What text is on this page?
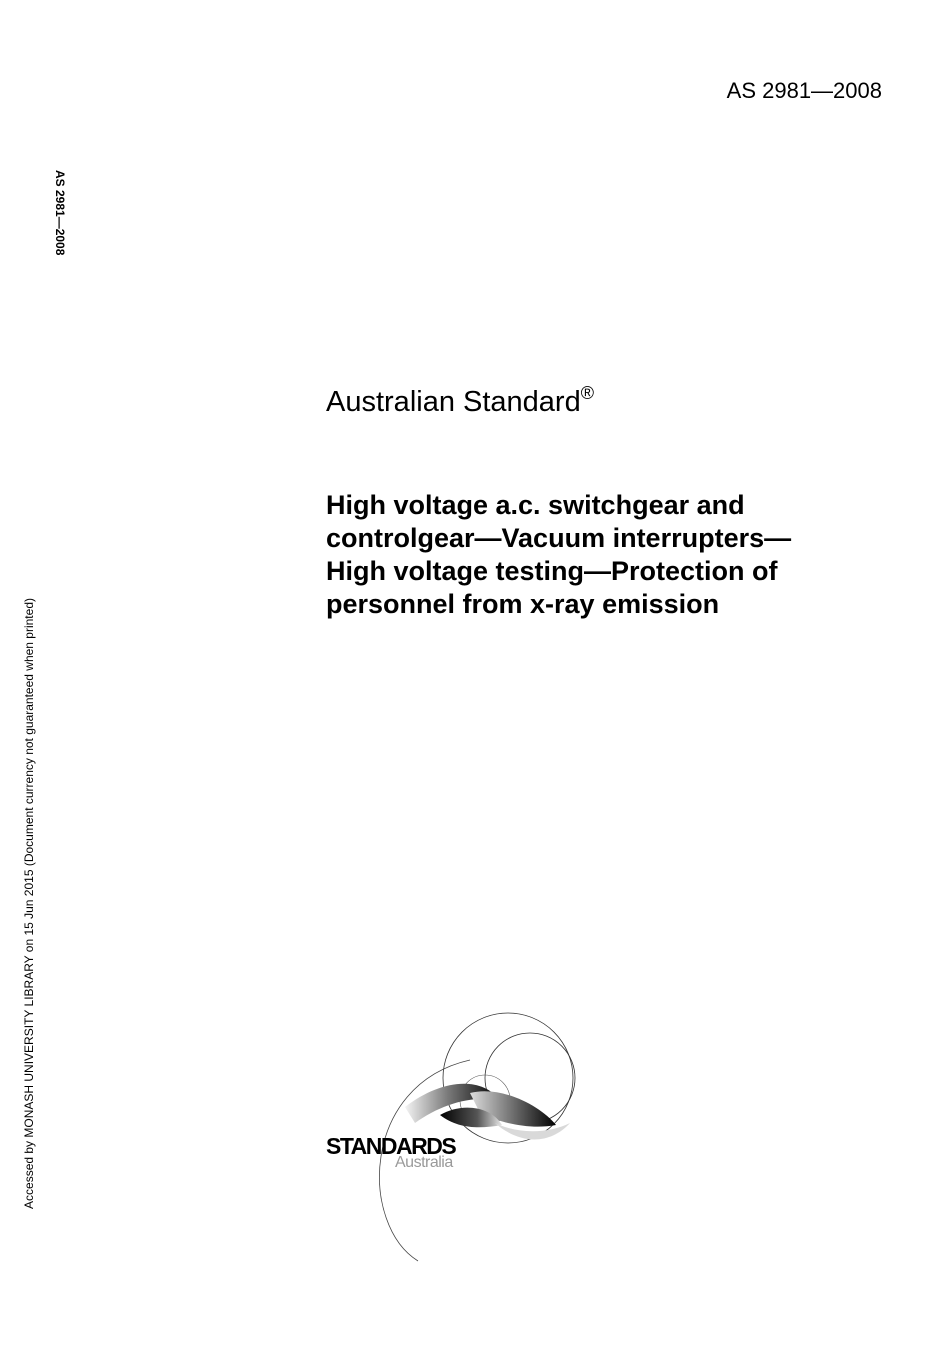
AS 2981—2008
AS 2981—2008
Accessed by MONASH UNIVERSITY LIBRARY on 15 Jun 2015 (Document currency not guaranteed when printed)
Australian Standard®
High voltage a.c. switchgear and
controlgear—Vacuum interrupters—
High voltage testing—Protection of
personnel from x-ray emission
STANDARDS
Australia
